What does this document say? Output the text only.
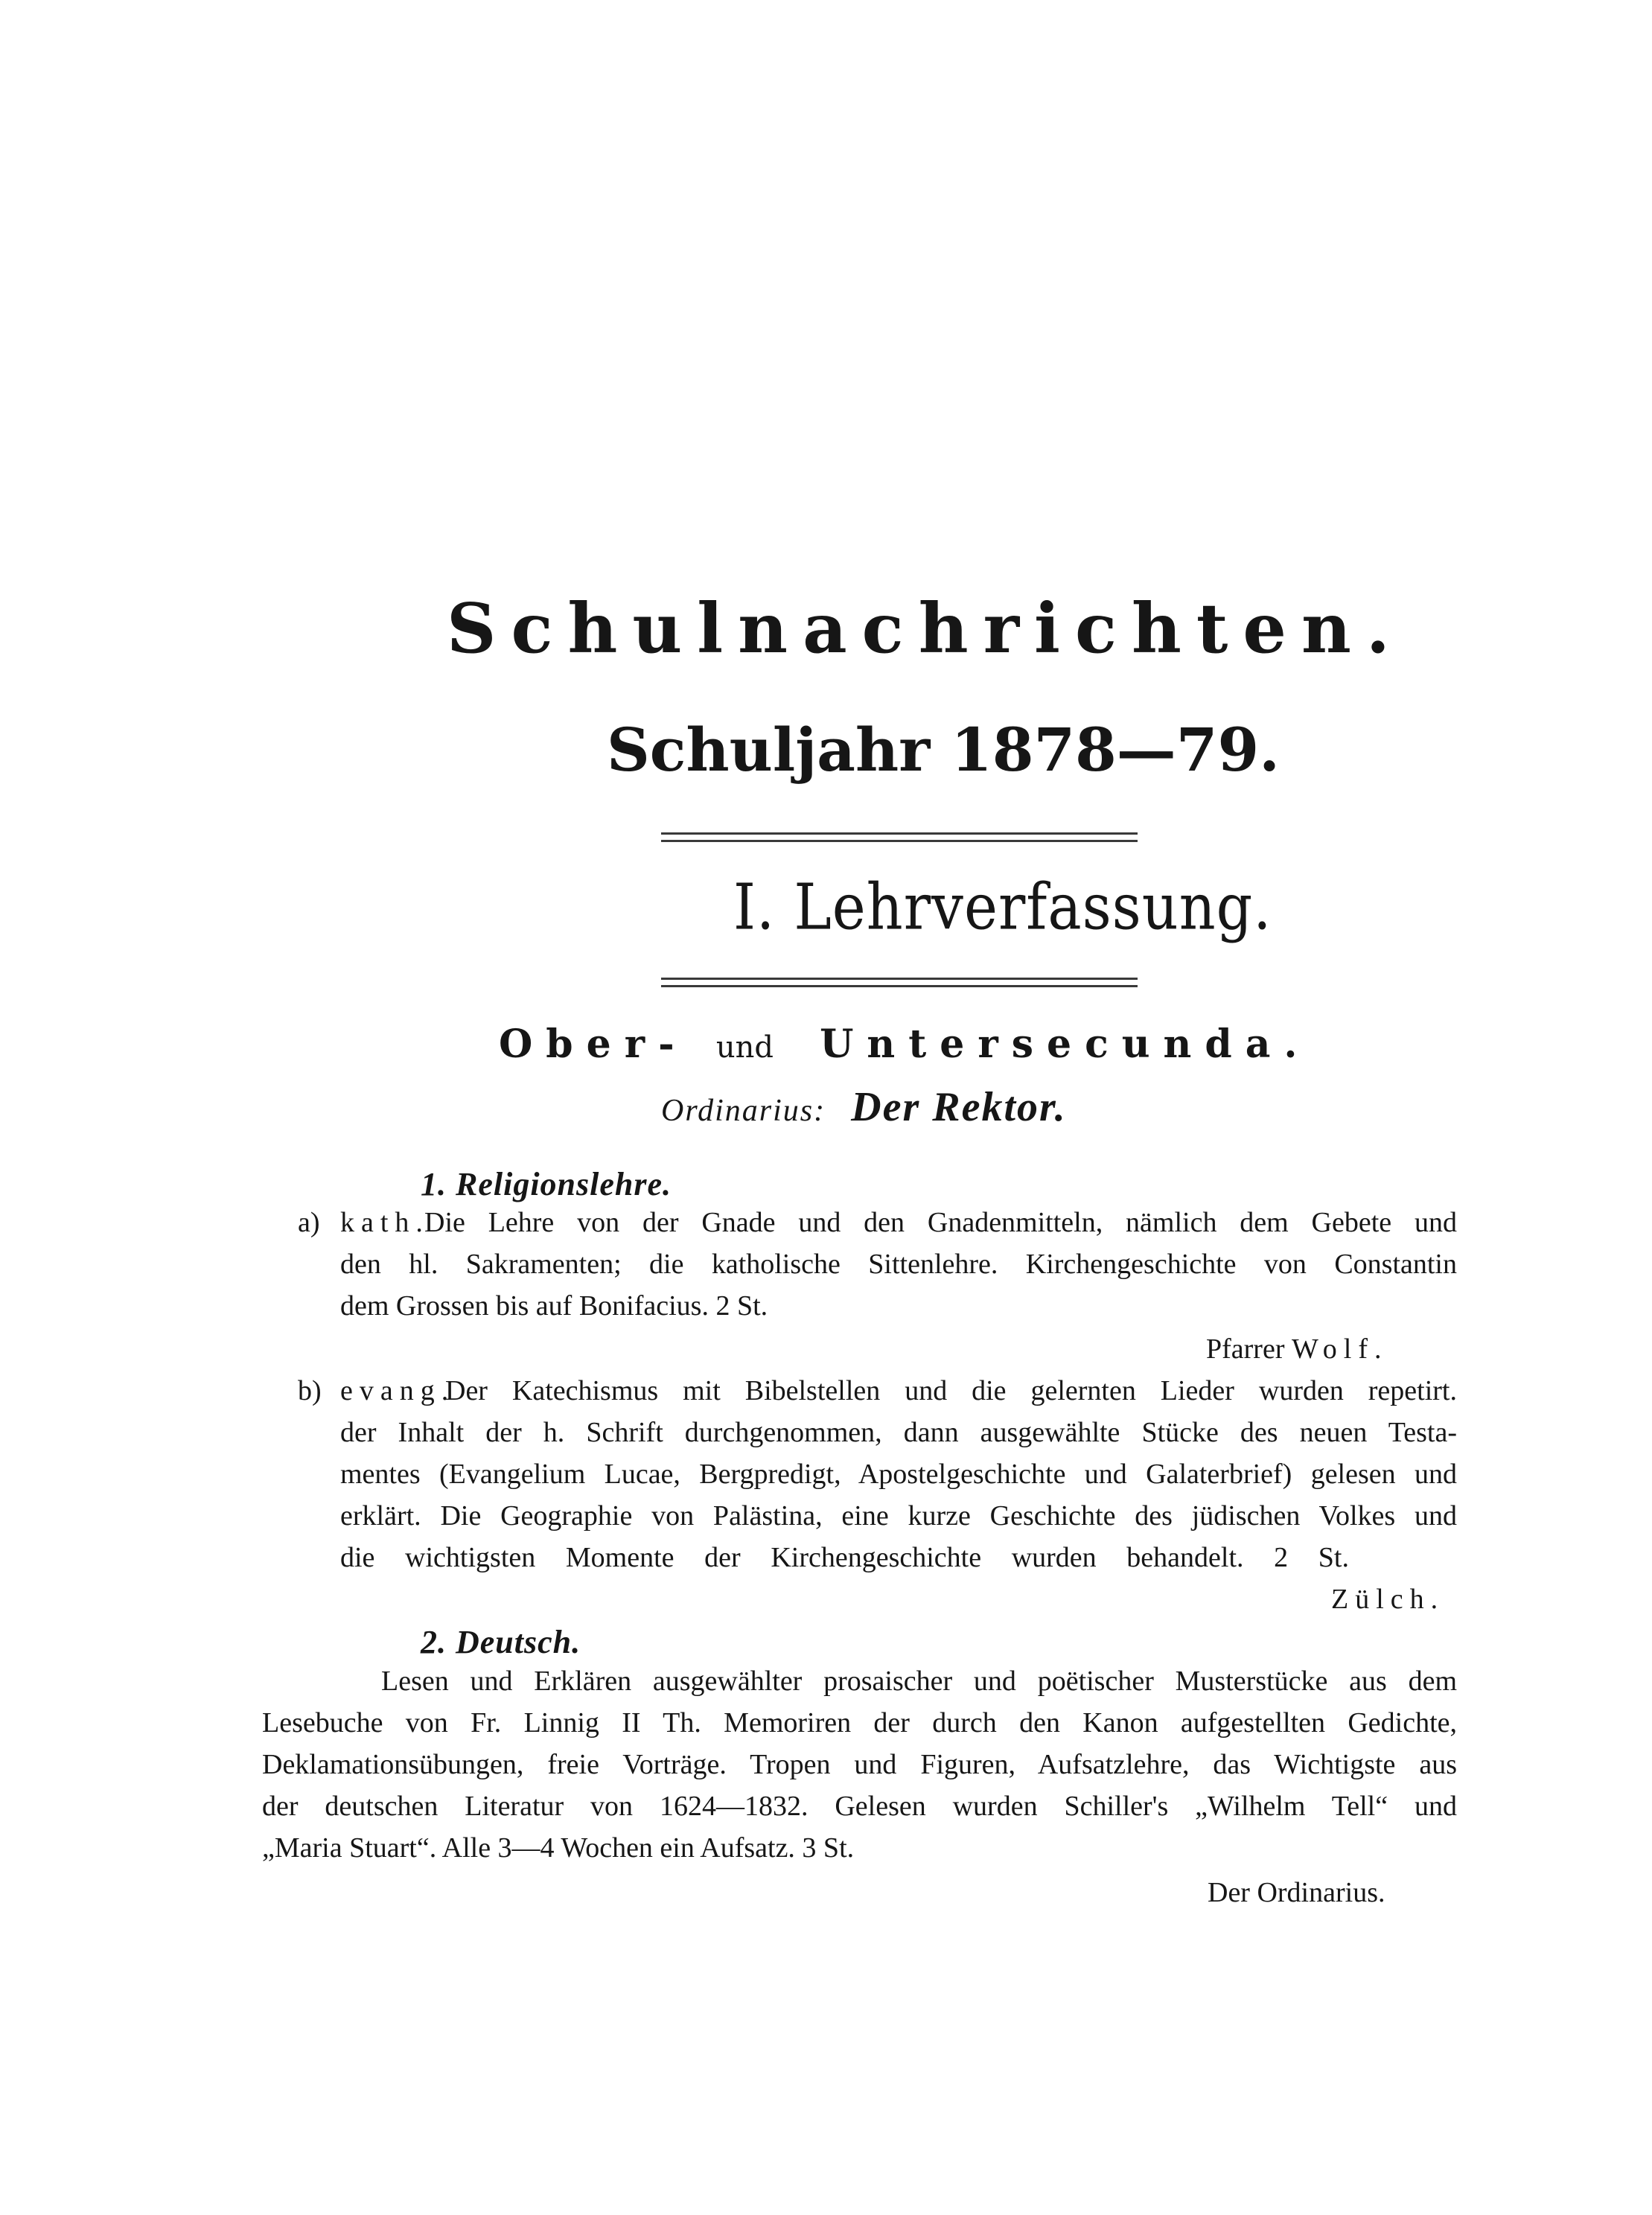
Schulnachrichten.
Schuljahr 1878—79.
I. Lehrverfassung.
Ober- und Untersecunda.
Ordinarius: Der Rektor.
1. Religionslehre.
a) kath.
Die Lehre von der Gnade und den Gnadenmitteln, nämlich dem Gebete und
den hl. Sakramenten; die katholische Sittenlehre. Kirchengeschichte von Constantin
dem Grossen bis auf Bonifacius. 2 St.
Pfarrer Wolf.
b) evang.
Der Katechismus mit Bibelstellen und die gelernten Lieder wurden repetirt.
der Inhalt der h. Schrift durchgenommen, dann ausgewählte Stücke des neuen Testa-
mentes (Evangelium Lucae, Bergpredigt, Apostelgeschichte und Galaterbrief) gelesen und
erklärt. Die Geographie von Palästina, eine kurze Geschichte des jüdischen Volkes und
die wichtigsten Momente der Kirchengeschichte wurden behandelt. 2 St.
Zülch.
2. Deutsch.
Lesen und Erklären ausgewählter prosaischer und poëtischer Musterstücke aus dem
Lesebuche von Fr. Linnig II Th. Memoriren der durch den Kanon aufgestellten Gedichte,
Deklamationsübungen, freie Vorträge. Tropen und Figuren, Aufsatzlehre, das Wichtigste aus
der deutschen Literatur von 1624—1832. Gelesen wurden Schiller's „Wilhelm Tell“ und
„Maria Stuart“. Alle 3—4 Wochen ein Aufsatz. 3 St.
Der Ordinarius.
